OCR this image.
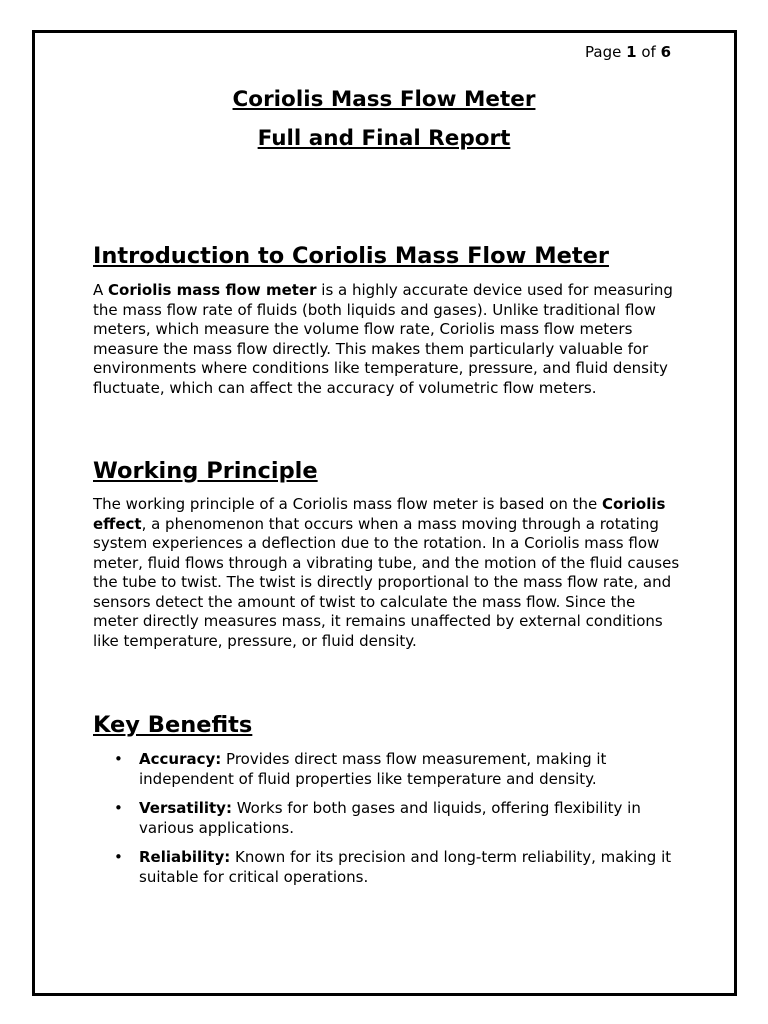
Page 1 of 6
Coriolis Mass Flow Meter
Full and Final Report
Introduction to Coriolis Mass Flow Meter

A Coriolis mass flow meter is a highly accurate device used for measuring the mass flow rate of fluids (both liquids and gases). Unlike traditional flow meters, which measure the volume flow rate, Coriolis mass flow meters measure the mass flow directly. This makes them particularly valuable for environments where conditions like temperature, pressure, and fluid density fluctuate, which can affect the accuracy of volumetric flow meters.

Working Principle

The working principle of a Coriolis mass flow meter is based on the Coriolis effect, a phenomenon that occurs when a mass moving through a rotating system experiences a deflection due to the rotation. In a Coriolis mass flow meter, fluid flows through a vibrating tube, and the motion of the fluid causes the tube to twist. The twist is directly proportional to the mass flow rate, and sensors detect the amount of twist to calculate the mass flow. Since the meter directly measures mass, it remains unaffected by external conditions like temperature, pressure, or fluid density.

Key Benefits
• Accuracy: Provides direct mass flow measurement, making it independent of fluid properties like temperature and density.
• Versatility: Works for both gases and liquids, offering flexibility in various applications.
• Reliability: Known for its precision and long-term reliability, making it suitable for critical operations.
